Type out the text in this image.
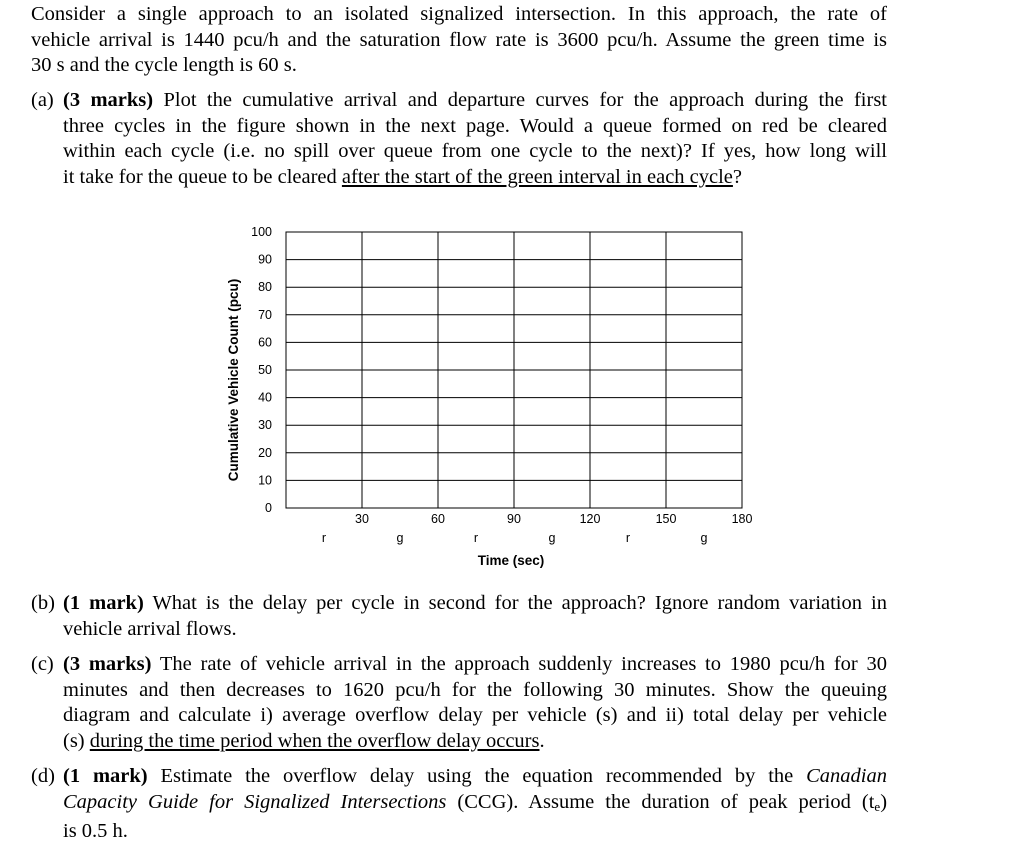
Consider a single approach to an isolated signalized intersection. In this approach, the rate of
vehicle arrival is 1440 pcu/h and the saturation flow rate is 3600 pcu/h. Assume the green time is
30 s and the cycle length is 60 s.
(a) (3 marks) Plot the cumulative arrival and departure curves for the approach during the first
three cycles in the figure shown in the next page. Would a queue formed on red be cleared
within each cycle (i.e. no spill over queue from one cycle to the next)? If yes, how long will
it take for the queue to be cleared after the start of the green interval in each cycle?
0
10
20
30
40
50
60
70
80
90
100
30	60	90	120	150	180
r	g	r	g	r	g
Cumulative Vehicle Count (pcu)
Time (sec)
(b) (1 mark) What is the delay per cycle in second for the approach? Ignore random variation in
vehicle arrival flows.
(c) (3 marks) The rate of vehicle arrival in the approach suddenly increases to 1980 pcu/h for 30
minutes and then decreases to 1620 pcu/h for the following 30 minutes. Show the queuing
diagram and calculate i) average overflow delay per vehicle (s) and ii) total delay per vehicle
(s) during the time period when the overflow delay occurs.
(d) (1 mark) Estimate the overflow delay using the equation recommended by the Canadian
Capacity Guide for Signalized Intersections (CCG). Assume the duration of peak period $(t_e)$
is 0.5 h.
